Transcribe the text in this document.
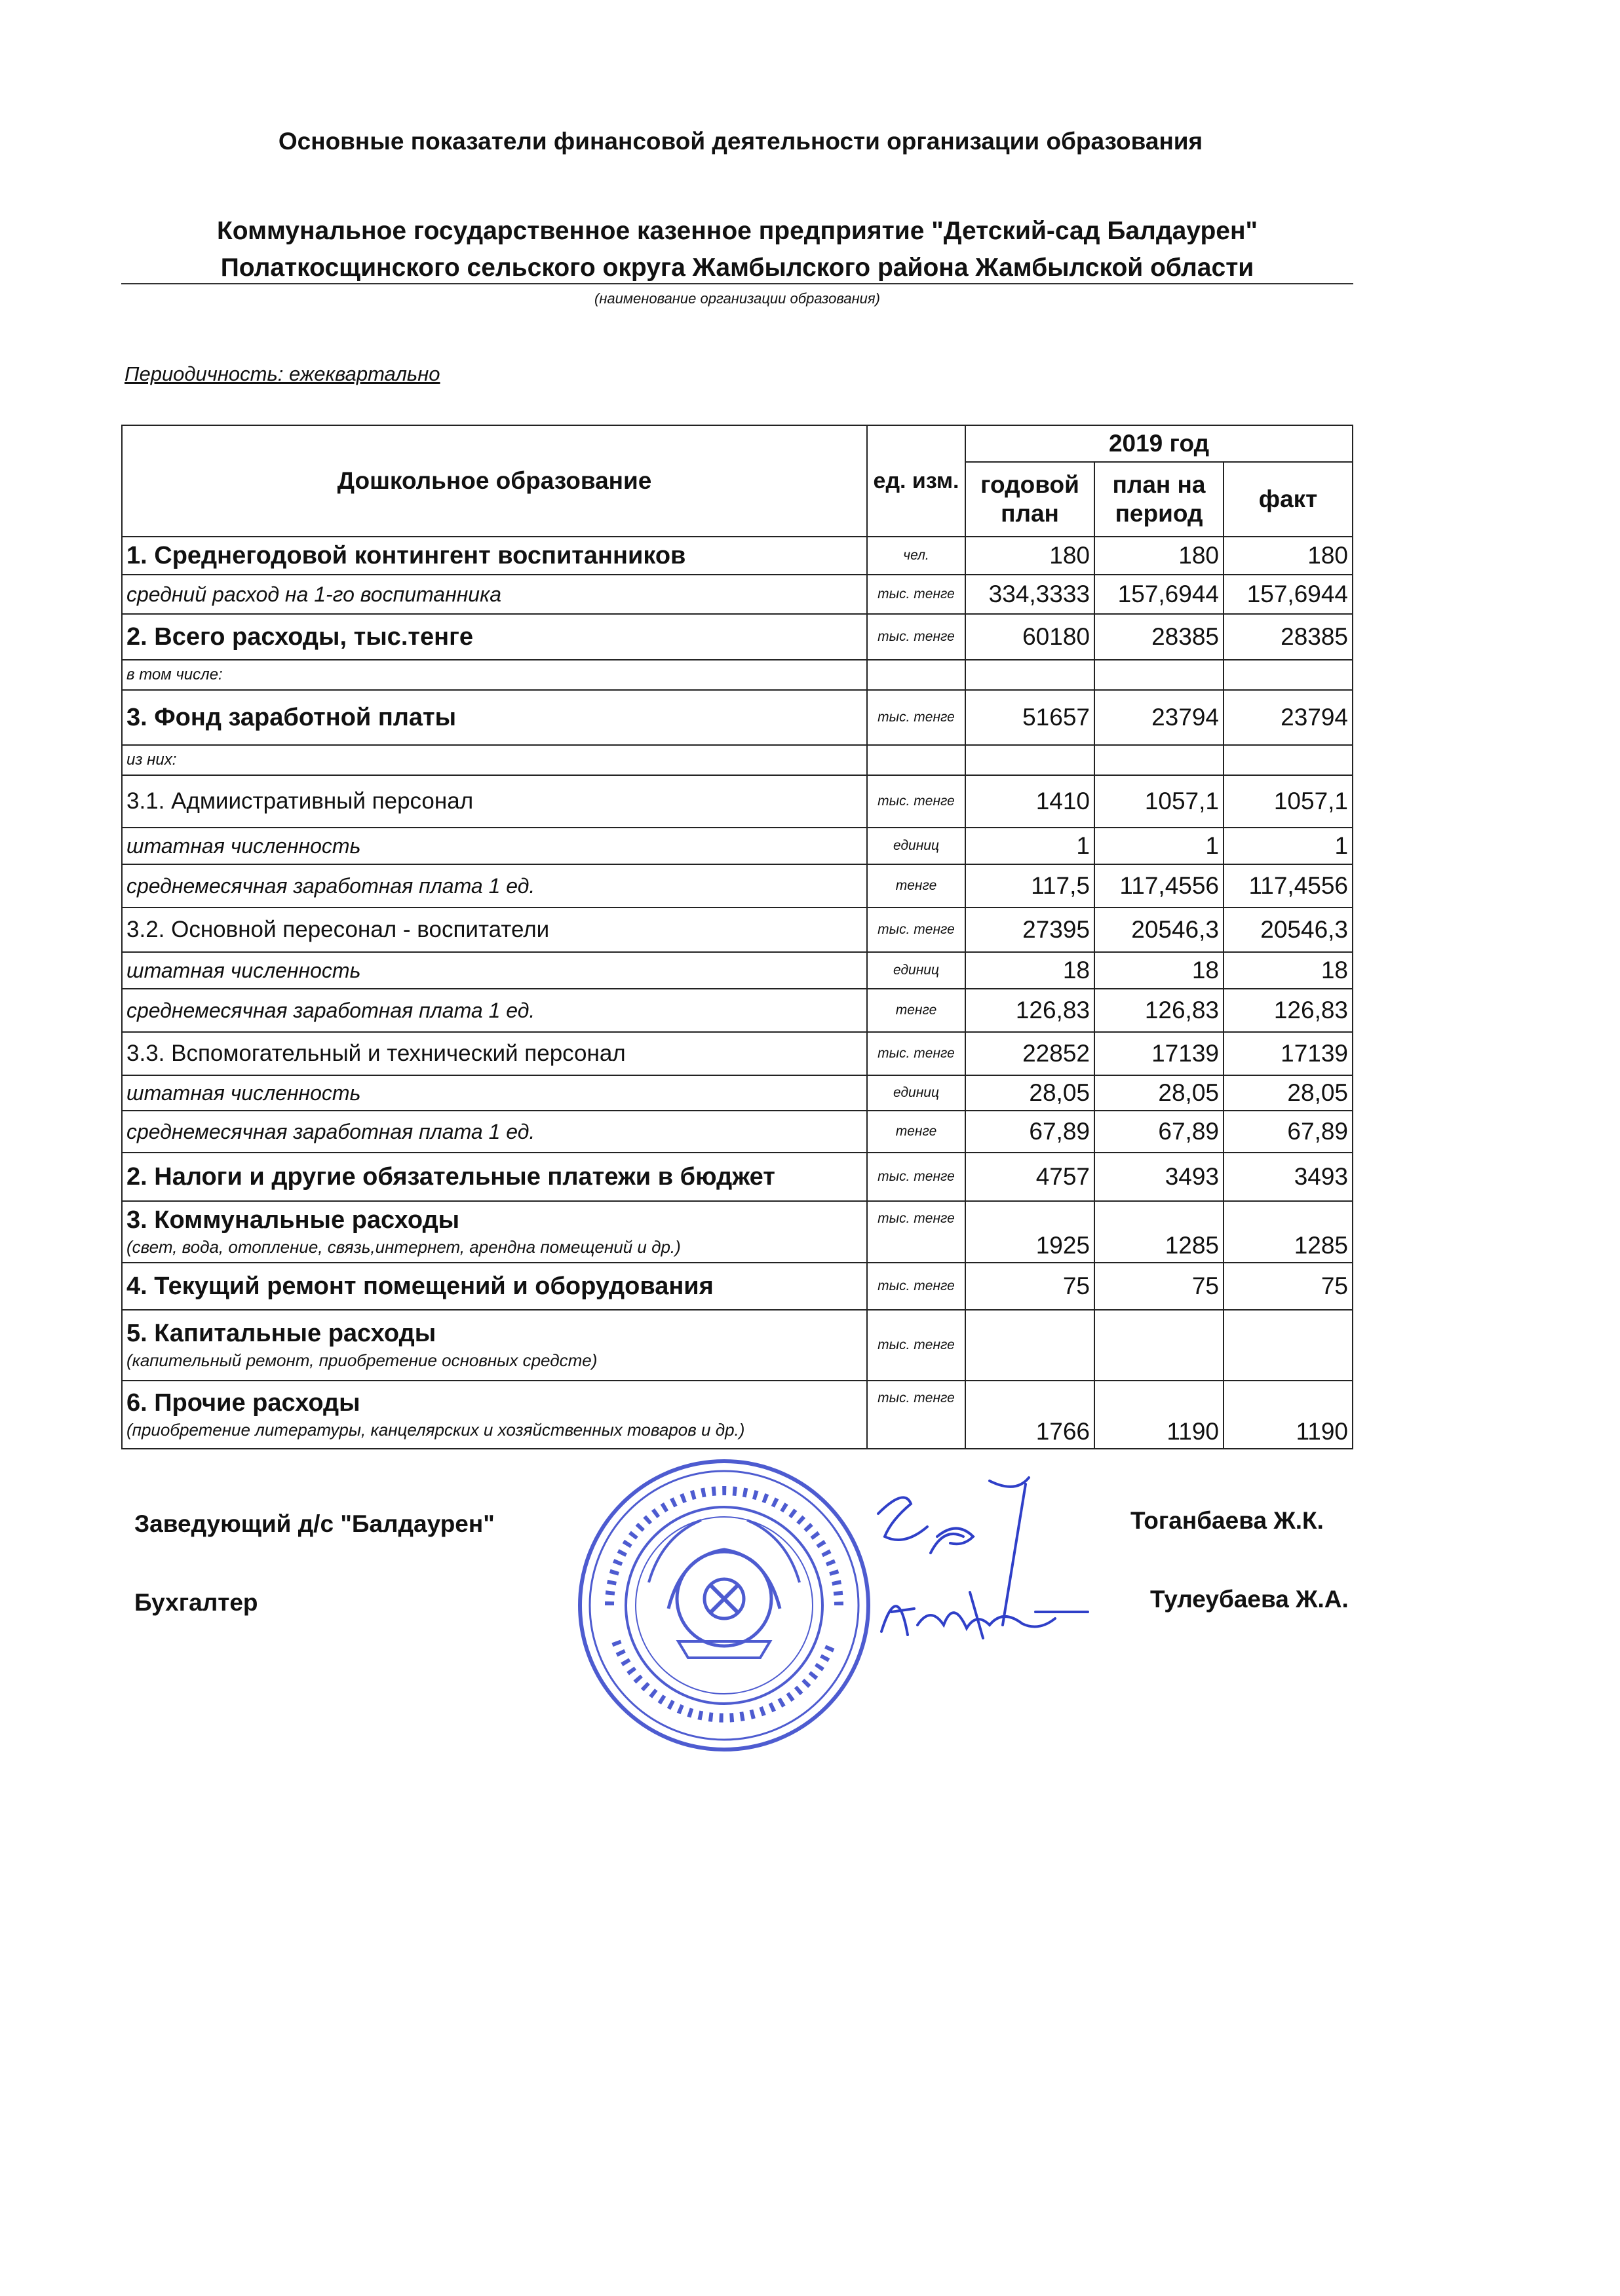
Основные показатели финансовой деятельности организации образования
Коммунальное государственное казенное предприятие "Детский-сад Балдаурен"
Полаткосщинского сельского округа Жамбылского района Жамбылской области
(наименование организации образования)
Периодичность: ежеквартально
Дошкольное образование	ед. изм.	2019 год		
		годовой план	план на период	факт
1. Среднегодовой контингент воспитанников	чел.	180	180	180
средний расход на 1-го воспитанника	тыс. тенге	334,3333	157,6944	157,6944
2. Всего расходы, тыс.тенге	тыс. тенге	60180	28385	28385
в том числе:				
3. Фонд заработной платы	тыс. тенге	51657	23794	23794
из них:				
3.1. Адмиистративный персонал	тыс. тенге	1410	1057,1	1057,1
штатная численность	единиц	1	1	1
среднемесячная заработная плата 1 ед.	тенге	117,5	117,4556	117,4556
3.2. Основной пересонал - воспитатели	тыс. тенге	27395	20546,3	20546,3
штатная численность	единиц	18	18	18
среднемесячная заработная плата 1 ед.	тенге	126,83	126,83	126,83
3.3. Вспомогательный и технический персонал	тыс. тенге	22852	17139	17139
штатная численность	единиц	28,05	28,05	28,05
среднемесячная заработная плата 1 ед.	тенге	67,89	67,89	67,89
2. Налоги и другие обязательные платежи в бюджет	тыс. тенге	4757	3493	3493
3. Коммунальные расходы
(свет, вода, отопление, связь,интернет, арендна помещений и др.)	тыс. тенге	1925	1285	1285
4. Текущий ремонт помещений и оборудования	тыс. тенге	75	75	75
5. Капитальные расходы
(капительный ремонт, приобретение основных средстe)	тыс. тенге			
6. Прочие расходы
(приобретение литературы, канцелярских и хозяйственных товаров и др.)	тыс. тенге	1766	1190	1190
Заведующий д/с "Балдаурен"	Тоганбаева Ж.К.
Бухгалтер	Тулеубаева Ж.А.
